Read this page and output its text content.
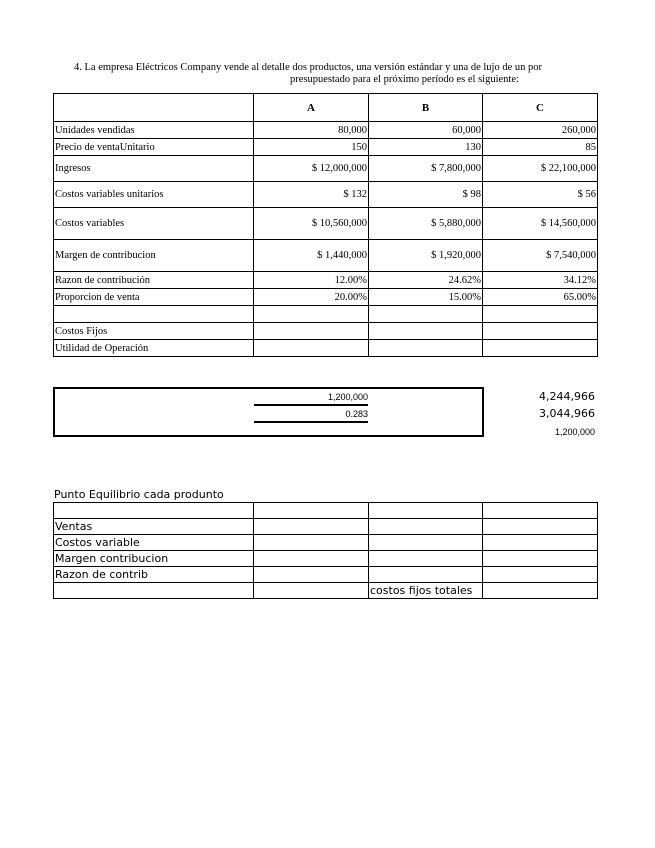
4. La empresa Eléctricos Company vende al detalle dos productos, una versión estándar y una de lujo de un por
presupuestado para el próximo período es el siguiente:
	A	B	C
Unidades vendidas	80,000	60,000	260,000
Precio de ventaUnitario	150	130	85
Ingresos	$ 12,000,000	$ 7,800,000	$ 22,100,000
Costos variables unitarios	$ 132	$ 98	$ 56
Costos variables	$ 10,560,000	$ 5,880,000	$ 14,560,000
Margen de contribucion	$ 1,440,000	$ 1,920,000	$ 7,540,000
Razon de contribución	12.00%	24.62%	34.12%
Proporcion de venta	20.00%	15.00%	65.00%

Costos Fijos			
Utilidad de Operación			
1,200,000
0.283
4,244,966
3,044,966
1,200,000
Punto Equilibrio cada produnto

Ventas			
Costos variable			
Margen contribucion			
Razon de contrib			
		costos fijos totales	
